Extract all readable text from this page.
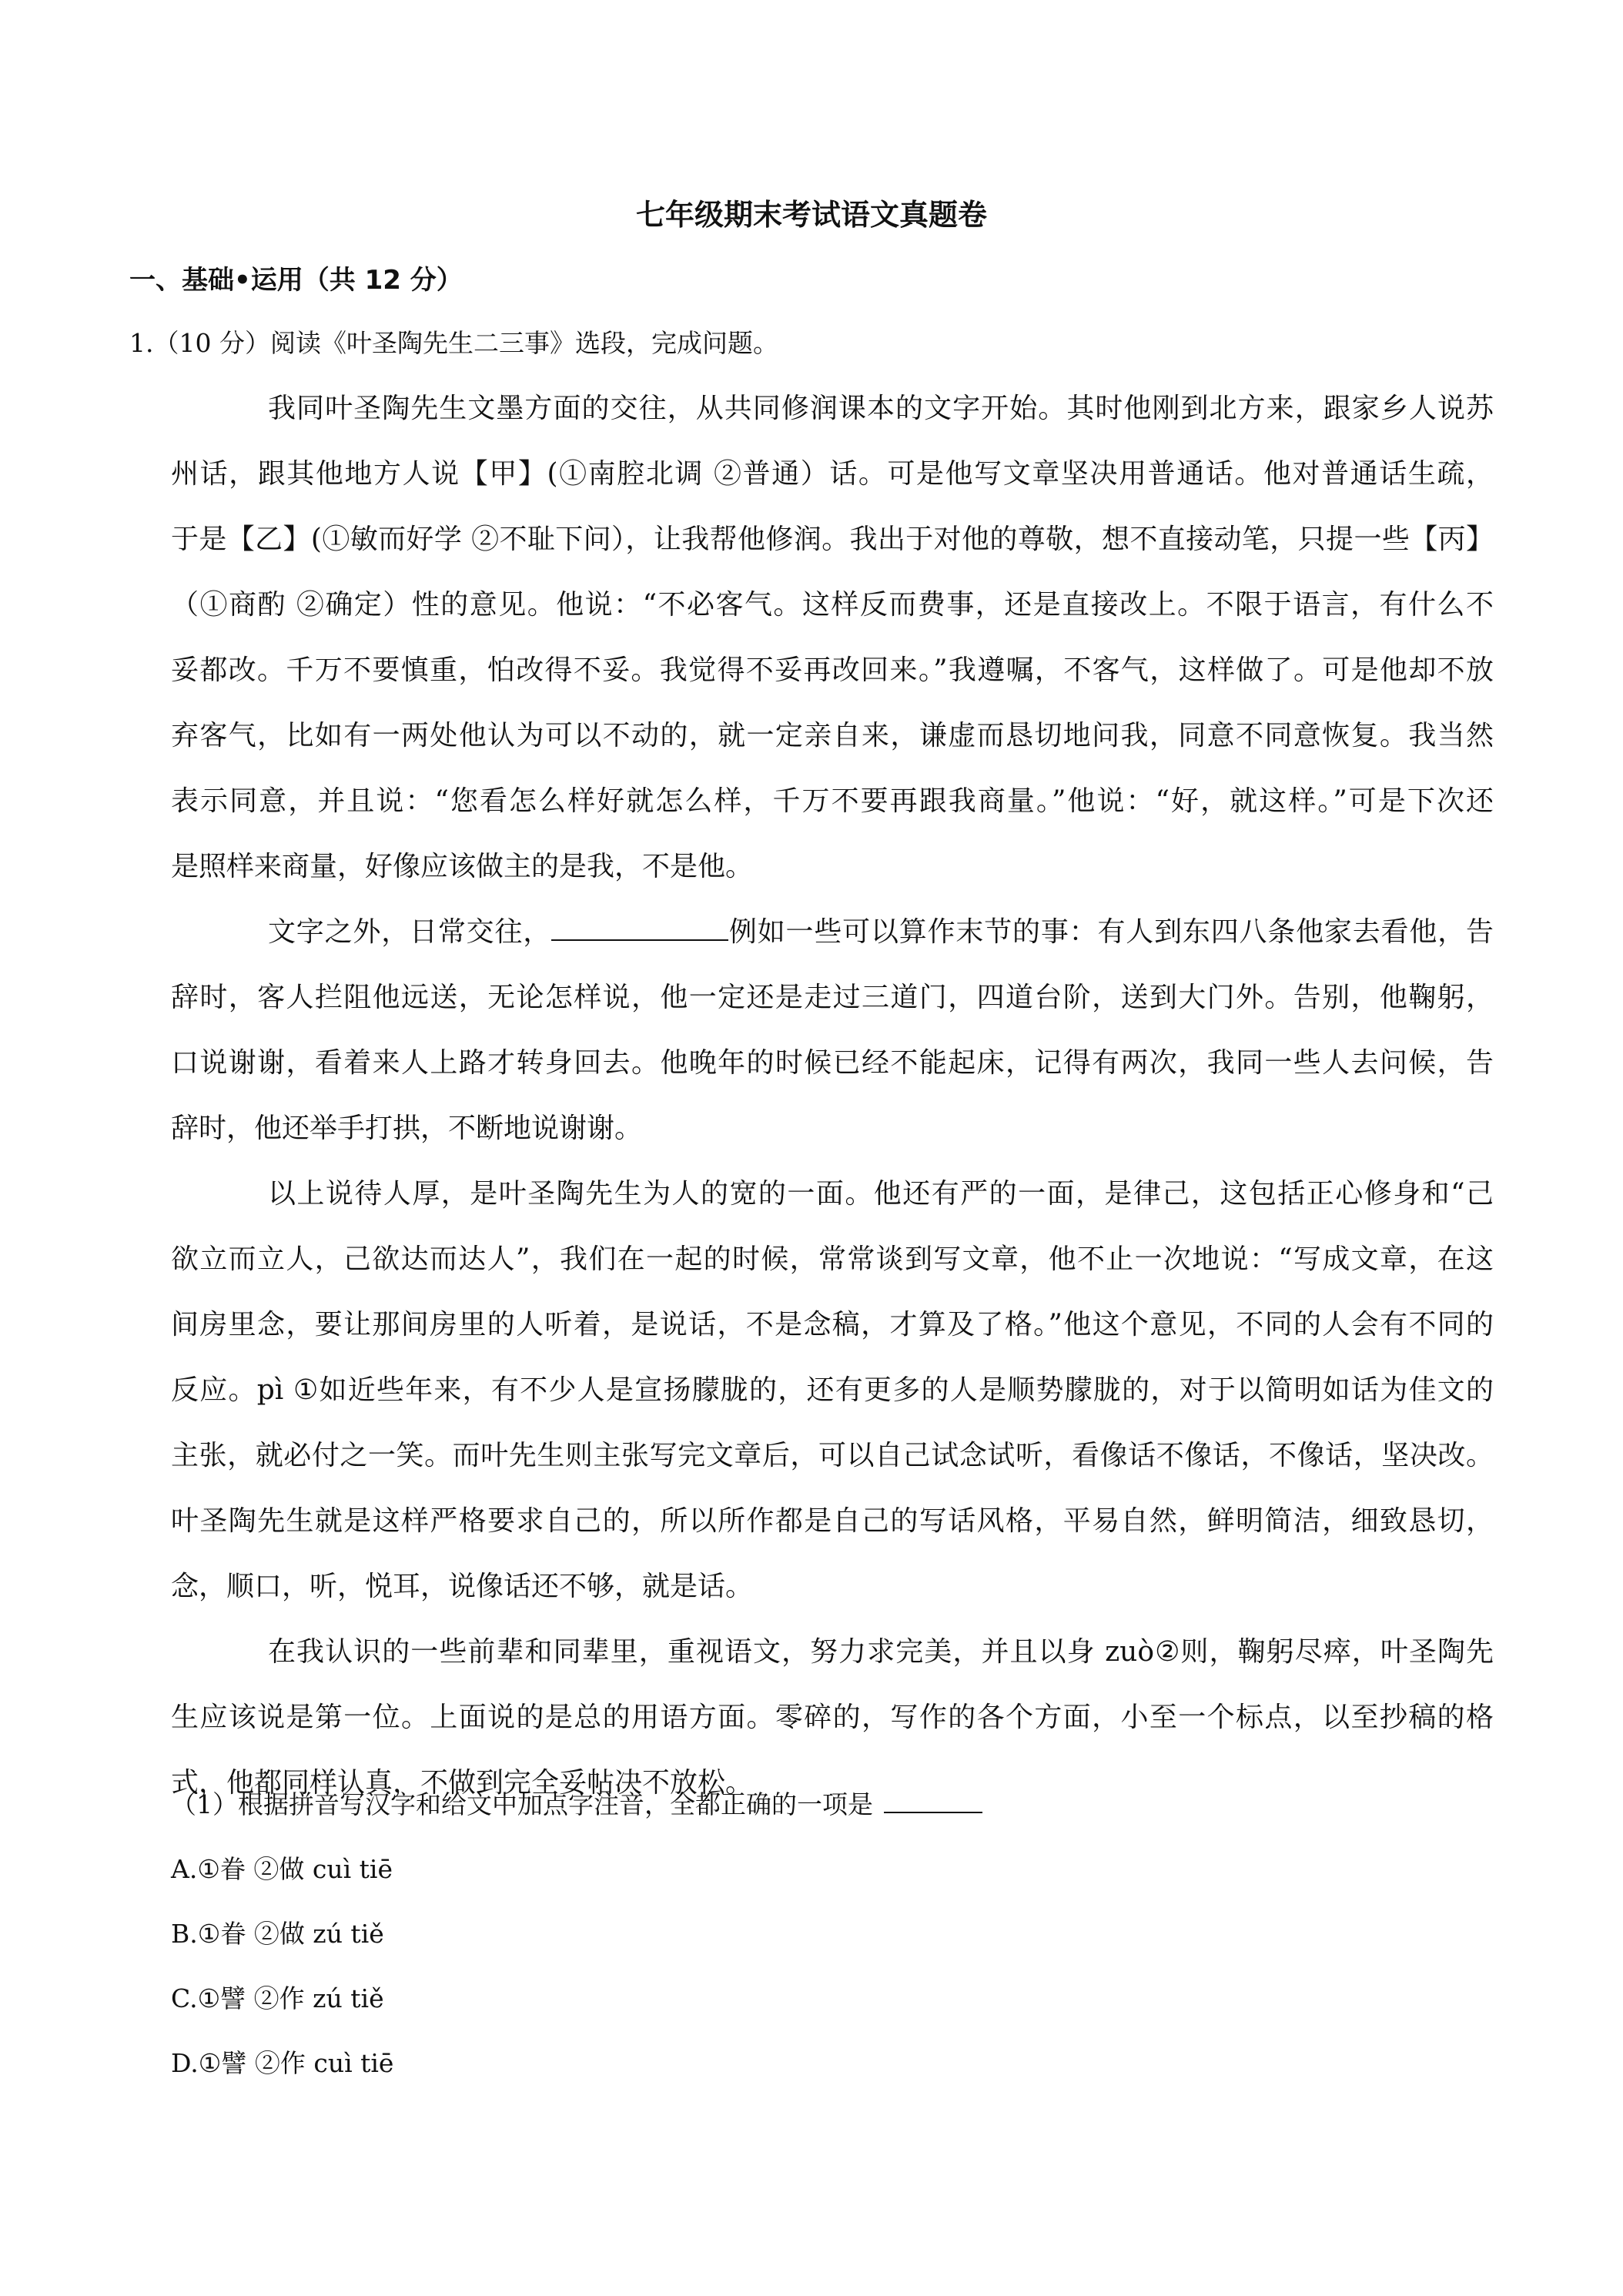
七年级期末考试语文真题卷
一、基础•运用（共 12 分）
1.（10 分）阅读《叶圣陶先生二三事》选段，完成问题。
我同叶圣陶先生文墨方面的交往，从共同修润课本的文字开始。其时他刚到北方来，跟家乡人说苏
州话，跟其他地方人说【甲】(①南腔北调 ②普通）话。可是他写文章坚决用普通话。他对普通话生疏，
于是【乙】(①敏而好学 ②不耻下问），让我帮他修润。我出于对他的尊敬，想不直接动笔，只提一些【丙】
（①商酌 ②确定）性的意见。他说：“不必客气。这样反而费事，还是直接改上。不限于语言，有什么不
妥都改。千万不要慎重，怕改得不妥。我觉得不妥再改回来。”我遵嘱，不客气，这样做了。可是他却不放
弃客气，比如有一两处他认为可以不动的，就一定亲自来，谦虚而恳切地问我，同意不同意恢复。我当然
表示同意，并且说：“您看怎么样好就怎么样，千万不要再跟我商量。”他说：“好，就这样。”可是下次还
是照样来商量，好像应该做主的是我，不是他。
文字之外，日常交往，	例如一些可以算作末节的事：有人到东四八条他家去看他，告
辞时，客人拦阻他远送，无论怎样说，他一定还是走过三道门，四道台阶，送到大门外。告别，他鞠躬，
口说谢谢，看着来人上路才转身回去。他晚年的时候已经不能起床，记得有两次，我同一些人去问候，告
辞时，他还举手打拱，不断地说谢谢。
以上说待人厚，是叶圣陶先生为人的宽的一面。他还有严的一面，是律己，这包括正心修身和“己
欲立而立人，己欲达而达人”，我们在一起的时候，常常谈到写文章，他不止一次地说：“写成文章，在这
间房里念，要让那间房里的人听着，是说话，不是念稿，才算及了格。”他这个意见，不同的人会有不同的
反应。pì ①如近些年来，有不少人是宣扬朦胧的，还有更多的人是顺势朦胧的，对于以简明如话为佳文的
主张，就必付之一笑。而叶先生则主张写完文章后，可以自己试念试听，看像话不像话，不像话，坚决改。
叶圣陶先生就是这样严格要求自己的，所以所作都是自己的写话风格，平易自然，鲜明简洁，细致恳切，
念，顺口，听，悦耳，说像话还不够，就是话。
在我认识的一些前辈和同辈里，重视语文，努力求完美，并且以身 zuò②则，鞠躬尽瘁，叶圣陶先
生应该说是第一位。上面说的是总的用语方面。零碎的，写作的各个方面，小至一个标点，以至抄稿的格
式，他都同样认真，不做到完全妥帖决不放松。
（1）根据拼音写汉字和给文中加点字注音，全都正确的一项是
A.①眷 ②做 cuì tiē
B.①眷 ②做 zú tiě
C.①譬 ②作 zú tiě
D.①譬 ②作 cuì tiē
